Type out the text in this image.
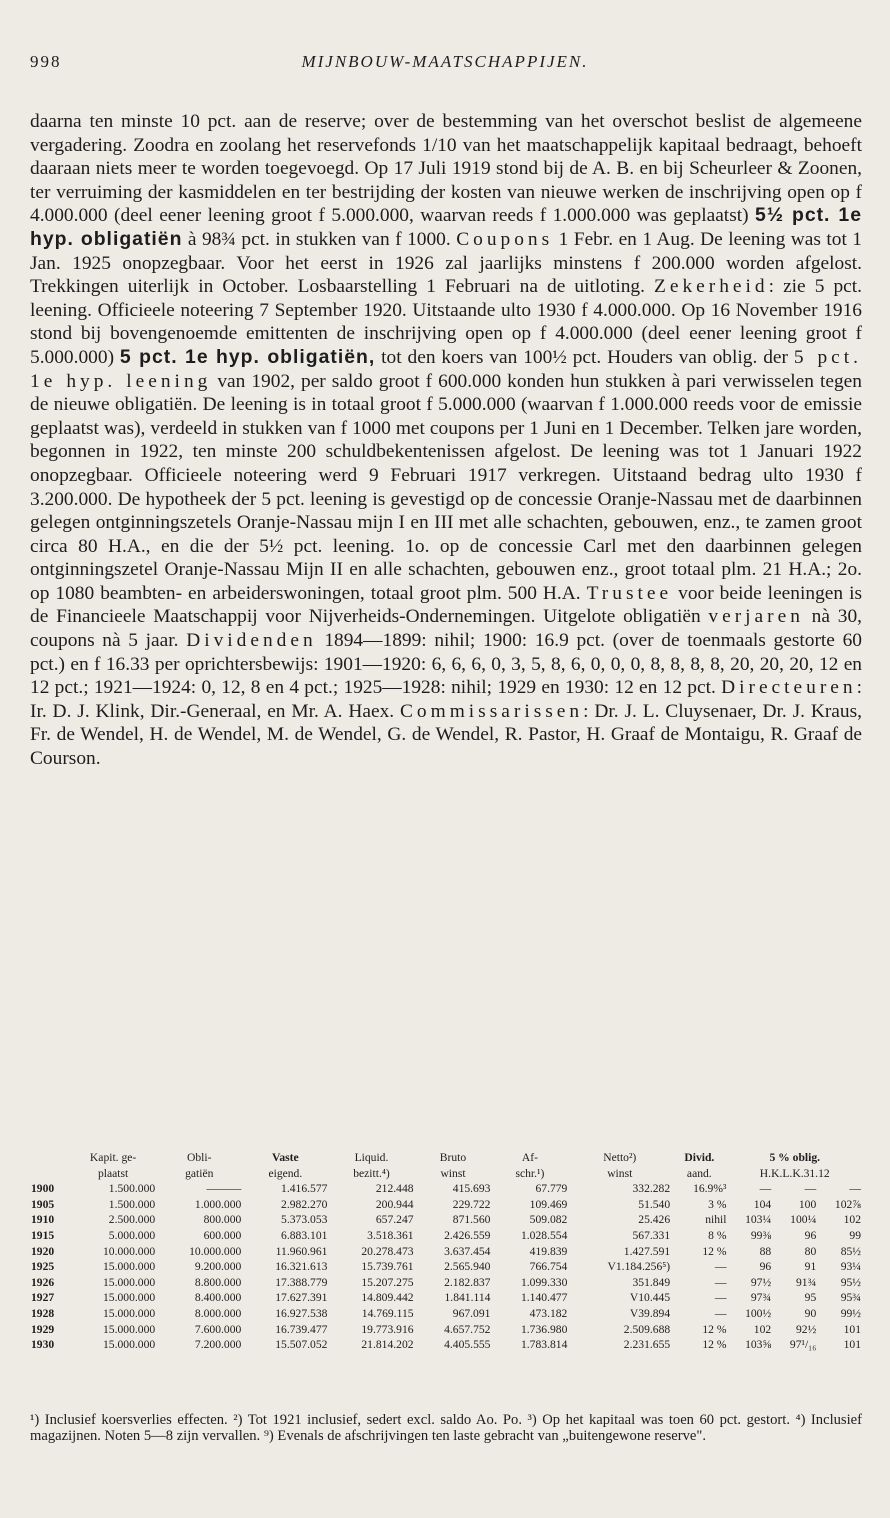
998	MIJNBOUW-MAATSCHAPPIJEN.

daarna ten minste 10 pct. aan de reserve; over de bestemming van het overschot beslist de algemeene vergadering. Zoodra en zoolang het reservefonds 1/10 van het maatschappelijk kapitaal bedraagt, behoeft daaraan niets meer te worden toegevoegd. Op 17 Juli 1919 stond bij de A. B. en bij Scheurleer & Zoonen, ter verruiming der kasmiddelen en ter bestrijding der kosten van nieuwe werken de inschrijving open op f 4.000.000 (deel eener leening groot f 5.000.000, waarvan reeds f 1.000.000 was geplaatst) 5½ pct. 1e hyp. obligatiën à 98¾ pct. in stukken van f 1000. Coupons 1 Febr. en 1 Aug. De leening was tot 1 Jan. 1925 onopzegbaar. Voor het eerst in 1926 zal jaarlijks minstens f 200.000 worden afgelost. Trekkingen uiterlijk in October. Losbaarstelling 1 Februari na de uitloting. Zekerheid: zie 5 pct. leening. Officieele noteering 7 September 1920. Uitstaande ulto 1930 f 4.000.000. Op 16 November 1916 stond bij bovengenoemde emittenten de inschrijving open op f 4.000.000 (deel eener leening groot f 5.000.000) 5 pct. 1e hyp. obligatiën, tot den koers van 100½ pct. Houders van oblig. der 5 pct. 1e hyp. leening van 1902, per saldo groot f 600.000 konden hun stukken à pari verwisselen tegen de nieuwe obligatiën. De leening is in totaal groot f 5.000.000 (waarvan f 1.000.000 reeds voor de emissie geplaatst was), verdeeld in stukken van f 1000 met coupons per 1 Juni en 1 December. Telken jare worden, begonnen in 1922, ten minste 200 schuldbekentenissen afgelost. De leening was tot 1 Januari 1922 onopzegbaar. Officieele noteering werd 9 Februari 1917 verkregen. Uitstaand bedrag ulto 1930 f 3.200.000. De hypotheek der 5 pct. leening is gevestigd op de concessie Oranje-Nassau met de daarbinnen gelegen ontginningszetels Oranje-Nassau mijn I en III met alle schachten, gebouwen, enz., te zamen groot circa 80 H.A., en die der 5½ pct. leening. 1o. op de concessie Carl met den daarbinnen gelegen ontginningszetel Oranje-Nassau Mijn II en alle schachten, gebouwen enz., groot totaal plm. 21 H.A.; 2o. op 1080 beambten- en arbeiderswoningen, totaal groot plm. 500 H.A. Trustee voor beide leeningen is de Financieele Maatschappij voor Nijverheids-Ondernemingen. Uitgelote obligatiën verjaren nà 30, coupons nà 5 jaar. Dividenden 1894—1899: nihil; 1900: 16.9 pct. (over de toenmaals gestorte 60 pct.) en f 16.33 per oprichtersbewijs: 1901—1920: 6, 6, 6, 0, 3, 5, 8, 6, 0, 0, 0, 8, 8, 8, 8, 20, 20, 20, 12 en 12 pct.; 1921—1924: 0, 12, 8 en 4 pct.; 1925—1928: nihil; 1929 en 1930: 12 en 12 pct. Directeuren: Ir. D. J. Klink, Dir.-Generaal, en Mr. A. Haex. Commissarissen: Dr. J. L. Cluysenaer, Dr. J. Kraus, Fr. de Wendel, H. de Wendel, M. de Wendel, G. de Wendel, R. Pastor, H. Graaf de Montaigu, R. Graaf de Courson.

	Kapit. ge-	Obli-	Vaste	Liquid.	Bruto	Af-	Netto²)	Divid.	5 % oblig.		
	plaatst	gatiën	eigend.	bezitt.⁴)	winst	schr.¹)	winst	aand.	H.K.L.K.31.12		
1900	1.500.000	———	1.416.577	212.448	415.693	67.779	332.282	16.9%³	—	—	—
1905	1.500.000	1.000.000	2.982.270	200.944	229.722	109.469	51.540	3 %	104	100	102⅞
1910	2.500.000	800.000	5.373.053	657.247	871.560	509.082	25.426	nihil	103¼	100¼	102
1915	5.000.000	600.000	6.883.101	3.518.361	2.426.559	1.028.554	567.331	8 %	99⅜	96	99
1920	10.000.000	10.000.000	11.960.961	20.278.473	3.637.454	419.839	1.427.591	12 %	88	80	85½
1925	15.000.000	9.200.000	16.321.613	15.739.761	2.565.940	766.754	V1.184.256⁵)	—	96	91	93¼
1926	15.000.000	8.800.000	17.388.779	15.207.275	2.182.837	1.099.330	351.849	—	97½	91¾	95½
1927	15.000.000	8.400.000	17.627.391	14.809.442	1.841.114	1.140.477	V10.445	—	97¾	95	95¾
1928	15.000.000	8.000.000	16.927.538	14.769.115	967.091	473.182	V39.894	—	100½	90	99½
1929	15.000.000	7.600.000	16.739.477	19.773.916	4.657.752	1.736.980	2.509.688	12 %	102	92½	101
1930	15.000.000	7.200.000	15.507.052	21.814.202	4.405.555	1.783.814	2.231.655	12 %	103⅝	97¹/₁₆	101

¹) Inclusief koersverlies effecten. ²) Tot 1921 inclusief, sedert excl. saldo Ao. Po. ³) Op het kapitaal was toen 60 pct. gestort. ⁴) Inclusief magazijnen. Noten 5—8 zijn vervallen. ⁹) Evenals de afschrijvingen ten laste gebracht van „buitengewone reserve".
